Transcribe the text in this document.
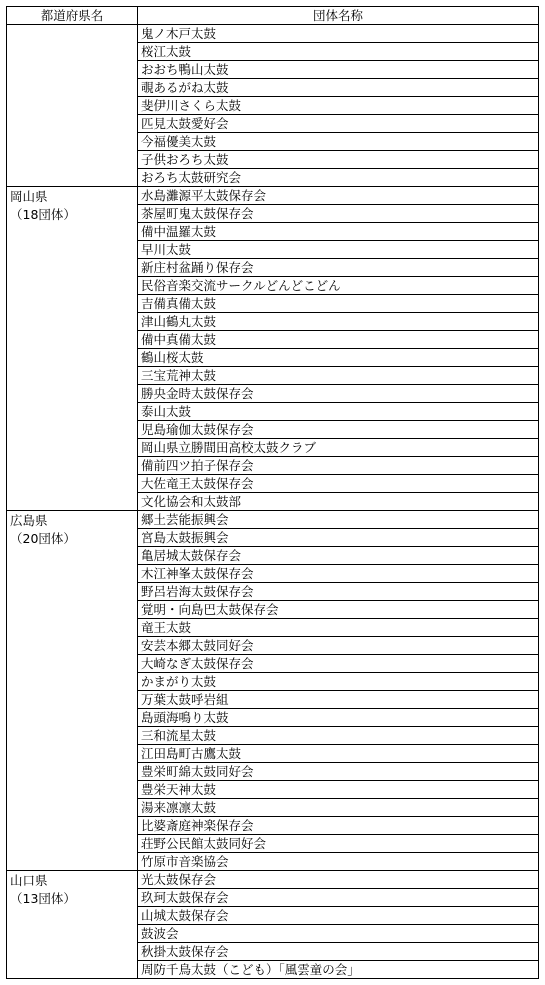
都道府県名	団体名称

	鬼ノ木戸太鼓
	桜江太鼓
	おおち鴨山太鼓
	覗あるがね太鼓
	斐伊川さくら太鼓
	匹見太鼓愛好会
	今福優美太鼓
	子供おろち太鼓
	おろち太鼓研究会

岡山県
（18団体）	水島灘源平太鼓保存会
	茶屋町鬼太鼓保存会
	備中温羅太鼓
	早川太鼓
	新庄村盆踊り保存会
	民俗音楽交流サークルどんどこどん
	吉備真備太鼓
	津山鶴丸太鼓
	備中真備太鼓
	鶴山桜太鼓
	三宝荒神太鼓
	勝央金時太鼓保存会
	泰山太鼓
	児島瑜伽太鼓保存会
	岡山県立勝間田高校太鼓クラブ
	備前四ツ拍子保存会
	大佐竜王太鼓保存会
	文化協会和太鼓部

広島県
（20団体）	郷土芸能振興会
	宮島太鼓振興会
	亀居城太鼓保存会
	木江神峯太鼓保存会
	野呂岩海太鼓保存会
	覚明・向島巴太鼓保存会
	竜王太鼓
	安芸本郷太鼓同好会
	大崎なぎ太鼓保存会
	かまがり太鼓
	万葉太鼓呼岩組
	島頭海鳴り太鼓
	三和流星太鼓
	江田島町古鷹太鼓
	豊栄町綿太鼓同好会
	豊栄天神太鼓
	湯来凛凛太鼓
	比婆斎庭神楽保存会
	荘野公民館太鼓同好会
	竹原市音楽協会

山口県
（13団体）	光太鼓保存会
	玖珂太鼓保存会
	山城太鼓保存会
	鼓波会
	秋掛太鼓保存会
	周防千鳥太鼓（こども）「風雲童の会」
